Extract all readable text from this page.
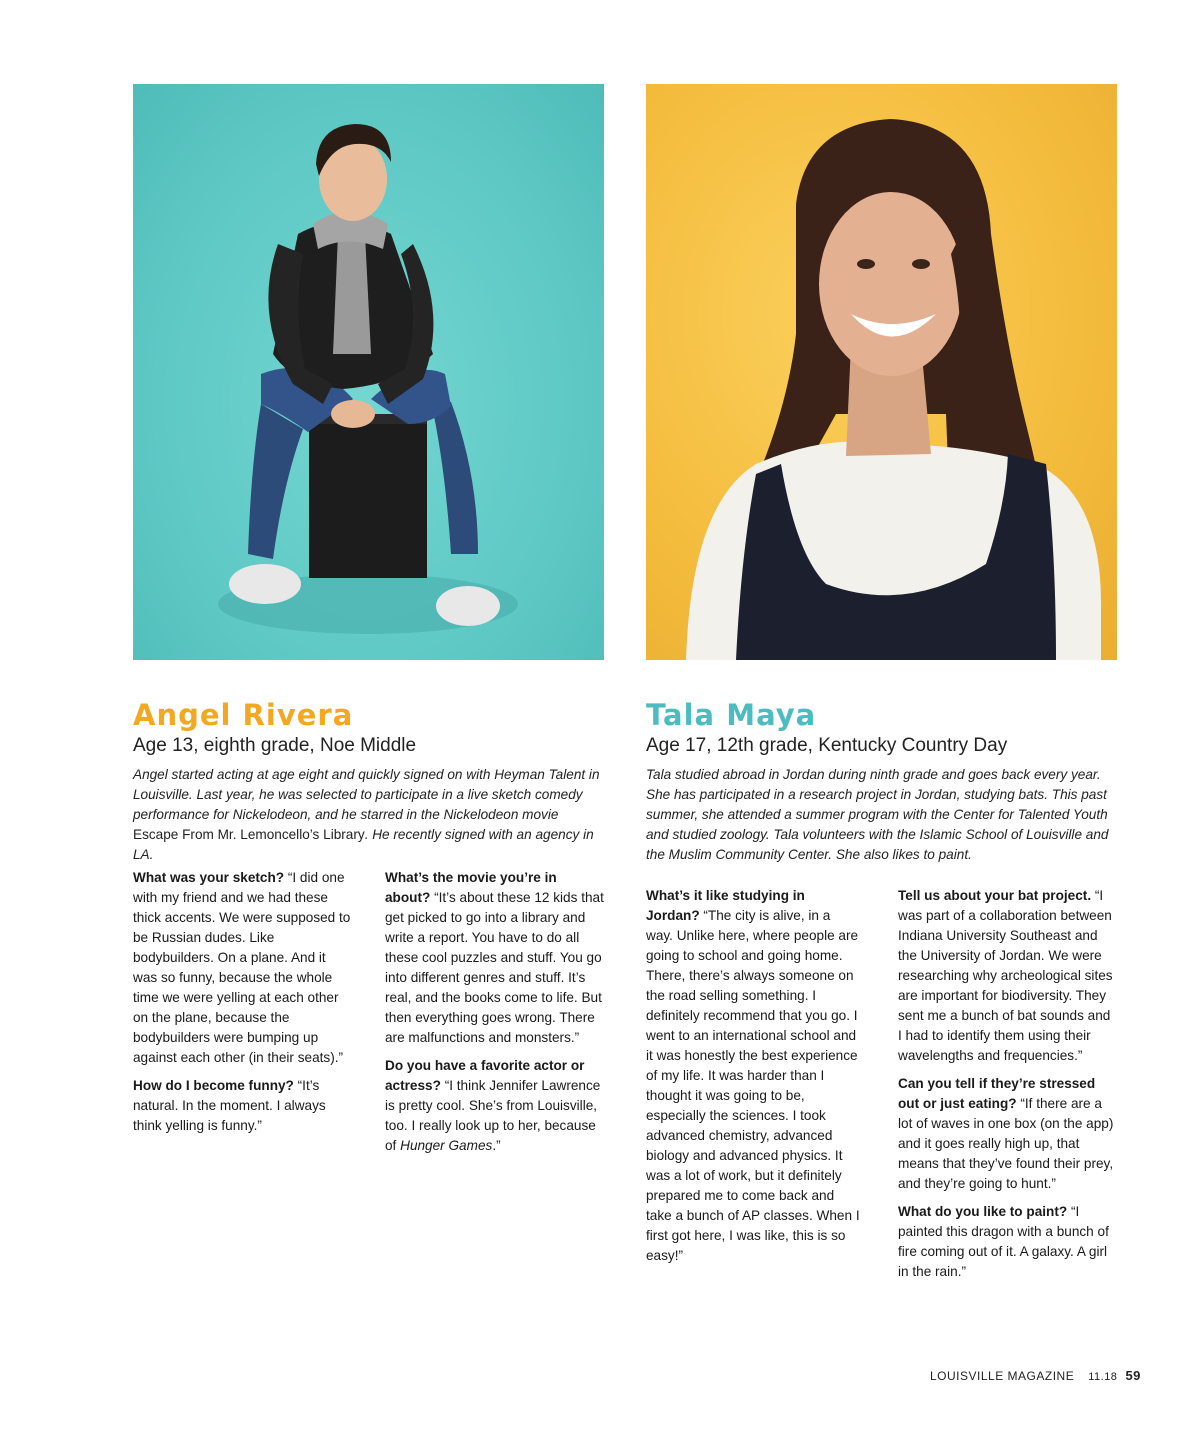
Angel Rivera

Age 13, eighth grade, Noe Middle

Angel started acting at age eight and quickly signed on with Heyman Talent in Louisville. Last year, he was selected to participate in a live sketch comedy performance for Nickelodeon, and he starred in the Nickelodeon movie Escape From Mr. Lemoncello’s Library. He recently signed with an agency in LA.

Tala Maya

Age 17, 12th grade, Kentucky Country Day

Tala studied abroad in Jordan during ninth grade and goes back every year. She has participated in a research project in Jordan, studying bats. This past summer, she attended a summer program with the Center for Talented Youth and studied zoology. Tala volunteers with the Islamic School of Louisville and the Muslim Community Center. She also likes to paint.

What was your sketch? “I did one with my friend and we had these thick accents. We were supposed to be Russian dudes. Like bodybuilders. On a plane. And it was so funny, because the whole time we were yelling at each other on the plane, because the bodybuilders were bumping up against each other (in their seats).”

How do I become funny? “It’s natural. In the moment. I always think yelling is funny.”

What’s the movie you’re in about? “It’s about these 12 kids that get picked to go into a library and write a report. You have to do all these cool puzzles and stuff. You go into different genres and stuff. It’s real, and the books come to life. But then everything goes wrong. There are malfunctions and monsters.”

Do you have a favorite actor or actress? “I think Jennifer Lawrence is pretty cool. She’s from Louisville, too. I really look up to her, because of Hunger Games.”

What’s it like studying in Jordan? “The city is alive, in a way. Unlike here, where people are going to school and going home. There, there’s always someone on the road selling something. I definitely recommend that you go. I went to an international school and it was honestly the best experience of my life. It was harder than I thought it was going to be, especially the sciences. I took advanced chemistry, advanced biology and advanced physics. It was a lot of work, but it definitely prepared me to come back and take a bunch of AP classes. When I first got here, I was like, this is so easy!”

Tell us about your bat project. “I was part of a collaboration between Indiana University Southeast and the University of Jordan. We were researching why archeological sites are important for biodiversity. They sent me a bunch of bat sounds and I had to identify them using their wavelengths and frequencies.”

Can you tell if they’re stressed out or just eating? “If there are a lot of waves in one box (on the app) and it goes really high up, that means that they’ve found their prey, and they’re going to hunt.”

What do you like to paint? “I painted this dragon with a bunch of fire coming out of it. A galaxy. A girl in the rain.”

LOUISVILLE MAGAZINE 11.18 59
